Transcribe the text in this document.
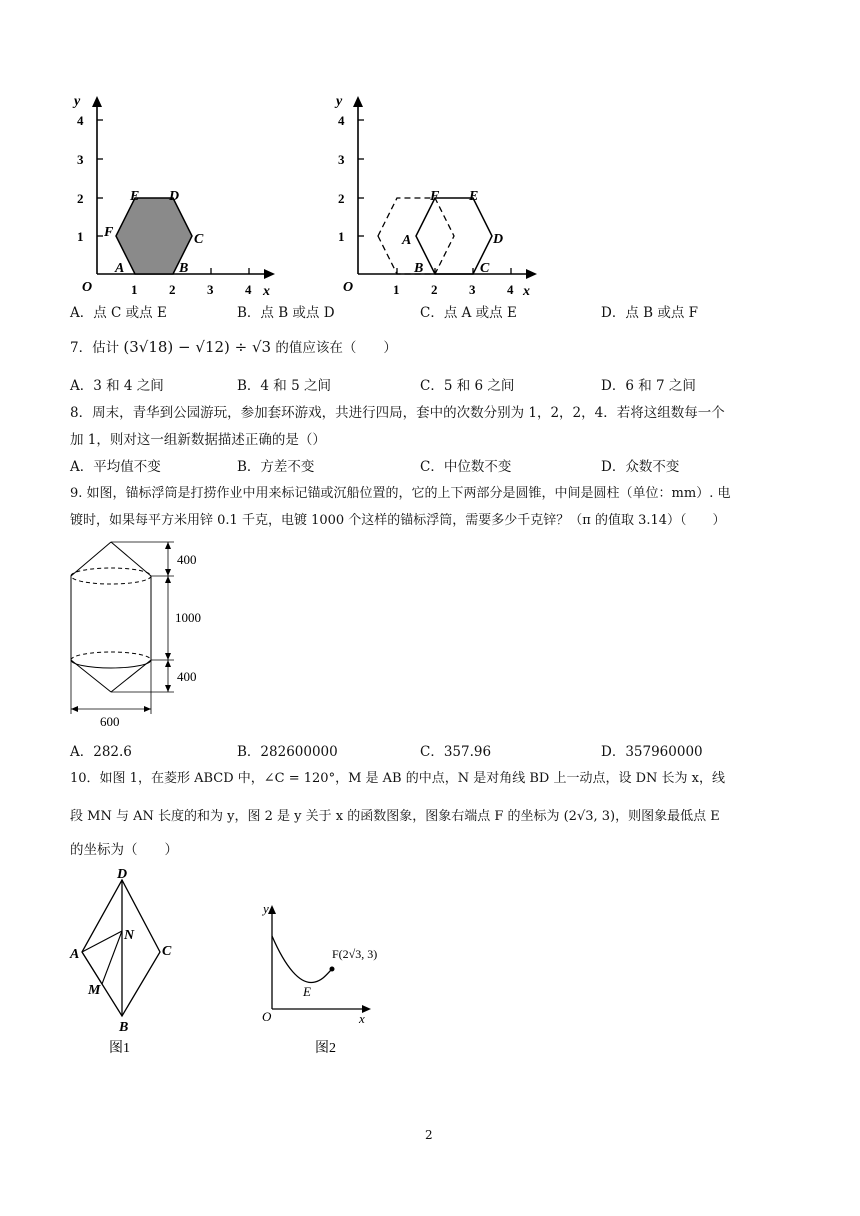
y
x
O
4
3
2
1
1 2 3 4
A	B
C
D
E
F
y
x
O
4
3
2
1
1 2 3 4
A
B	C
D
E
F
A．点 C 或点 E	B．点 B 或点 D	C．点 A 或点 E	D．点 B 或点 F
7．估计 (3√18) − √12) ÷ √3 的值应该在（　　）
A．3 和 4 之间	B．4 和 5 之间	C．5 和 6 之间	D．6 和 7 之间
8．周末，青华到公园游玩，参加套环游戏，共进行四局，套中的次数分别为 1，2，2，4．若将这组数每一个
加 1，则对这一组新数据描述正确的是（）
A．平均值不变	B．方差不变	C．中位数不变	D．众数不变
9. 如图，锚标浮筒是打捞作业中用来标记锚或沉船位置的，它的上下两部分是圆锥，中间是圆柱（单位：mm）. 电
镀时，如果每平方米用锌 0.1 千克，电镀 1000 个这样的锚标浮筒，需要多少千克锌？（π 的值取 3.14）（　　）
400
1000
400
600
A．282.6	B．282600000	C．357.96	D．357960000
10．如图 1，在菱形 ABCD 中，∠C = 120°，M 是 AB 的中点，N 是对角线 BD 上一动点，设 DN 长为 x，线
段 MN 与 AN 长度的和为 y，图 2 是 y 关于 x 的函数图象，图象右端点 F 的坐标为 (2√3, 3)，则图象最低点 E
的坐标为（　　）
D
A	C
B
M
N
图1
y
x
O
E
F(2√3, 3)
图2
2
